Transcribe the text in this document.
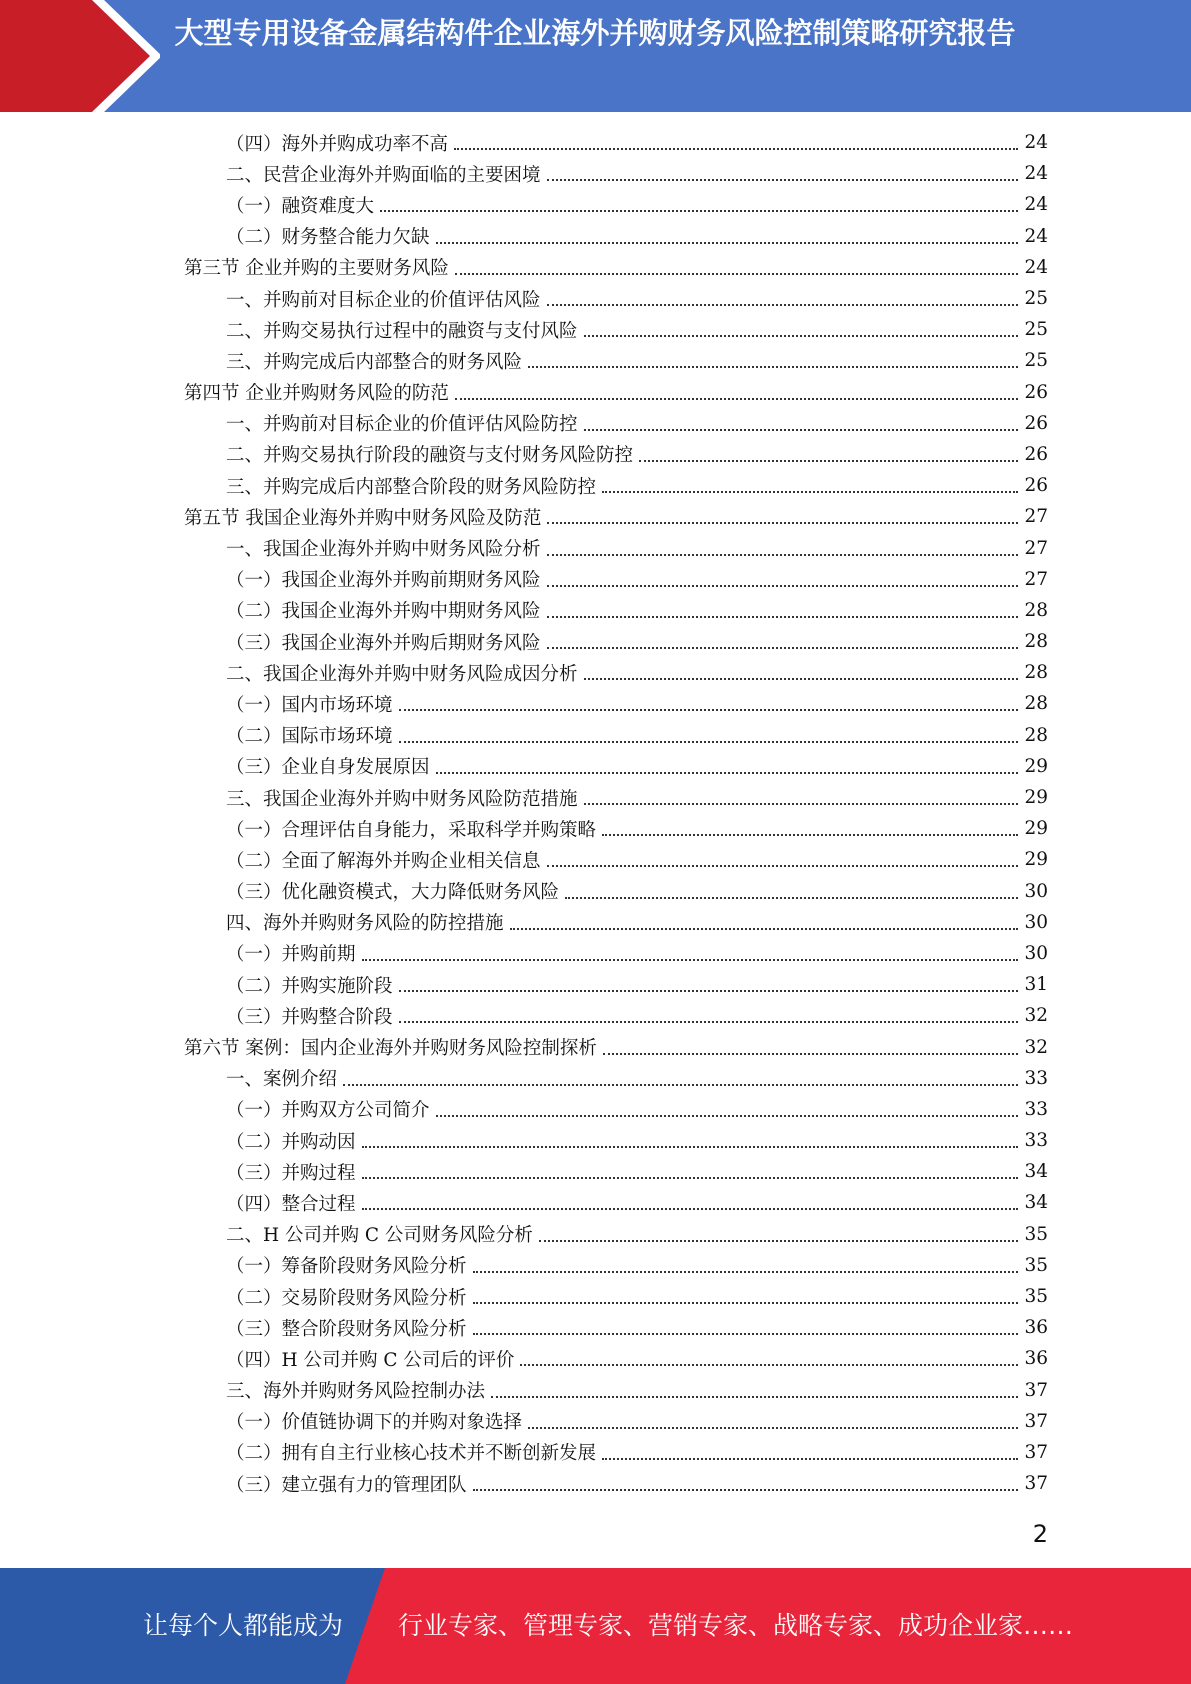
大型专用设备金属结构件企业海外并购财务风险控制策略研究报告
（四）海外并购成功率不高	24
二、民营企业海外并购面临的主要困境	24
（一）融资难度大	24
（二）财务整合能力欠缺	24
第三节 企业并购的主要财务风险	24
一、并购前对目标企业的价值评估风险	25
二、并购交易执行过程中的融资与支付风险	25
三、并购完成后内部整合的财务风险	25
第四节 企业并购财务风险的防范	26
一、并购前对目标企业的价值评估风险防控	26
二、并购交易执行阶段的融资与支付财务风险防控	26
三、并购完成后内部整合阶段的财务风险防控	26
第五节 我国企业海外并购中财务风险及防范	27
一、我国企业海外并购中财务风险分析	27
（一）我国企业海外并购前期财务风险	27
（二）我国企业海外并购中期财务风险	28
（三）我国企业海外并购后期财务风险	28
二、我国企业海外并购中财务风险成因分析	28
（一）国内市场环境	28
（二）国际市场环境	28
（三）企业自身发展原因	29
三、我国企业海外并购中财务风险防范措施	29
（一）合理评估自身能力，采取科学并购策略	29
（二）全面了解海外并购企业相关信息	29
（三）优化融资模式，大力降低财务风险	30
四、海外并购财务风险的防控措施	30
（一）并购前期	30
（二）并购实施阶段	31
（三）并购整合阶段	32
第六节 案例：国内企业海外并购财务风险控制探析	32
一、案例介绍	33
（一）并购双方公司简介	33
（二）并购动因	33
（三）并购过程	34
（四）整合过程	34
二、H 公司并购 C 公司财务风险分析	35
（一）筹备阶段财务风险分析	35
（二）交易阶段财务风险分析	35
（三）整合阶段财务风险分析	36
（四）H 公司并购 C 公司后的评价	36
三、海外并购财务风险控制办法	37
（一）价值链协调下的并购对象选择	37
（二）拥有自主行业核心技术并不断创新发展	37
（三）建立强有力的管理团队	37
2
让每个人都能成为 行业专家、管理专家、营销专家、战略专家、成功企业家……
